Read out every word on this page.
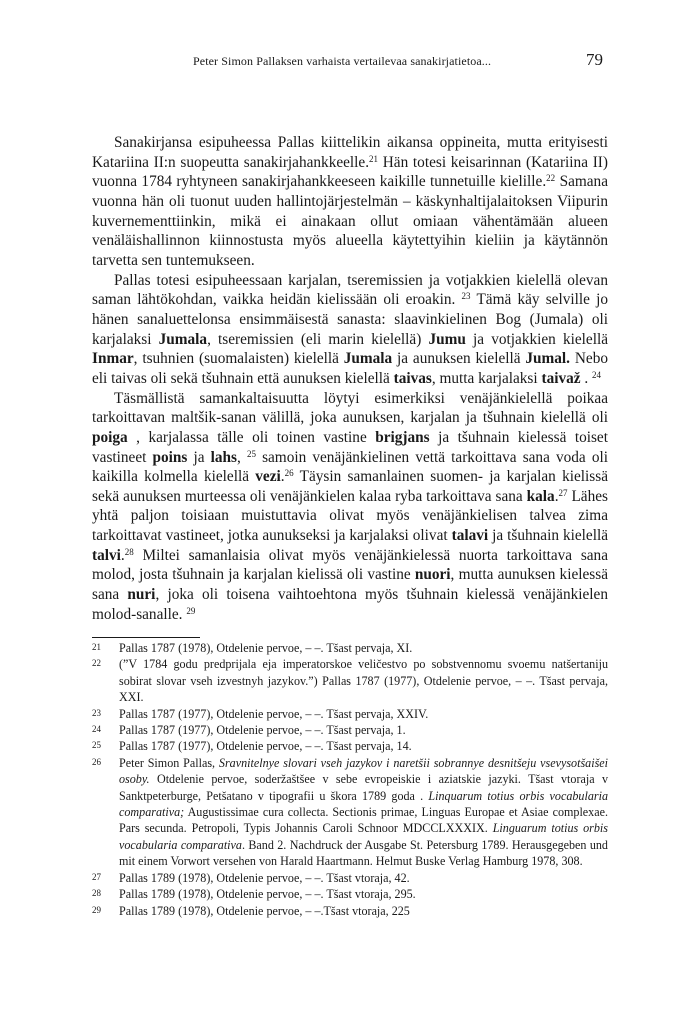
Peter Simon Pallaksen varhaista vertailevaa sanakirjatietoa...	79

Sanakirjansa esipuheessa Pallas kiittelikin aikansa oppineita, mutta erityisesti Katariina II:n suopeutta sanakirjahankkeelle.$^{21}$ Hän totesi keisarinnan (Katariina II) vuonna 1784 ryhtyneen sanakirjahankkeeseen kaikille tunnetuille kielille.$^{22}$ Samana vuonna hän oli tuonut uuden hallintojärjestelmän – käskynhaltijalaitoksen Viipurin kuvernementtiinkin, mikä ei ainakaan ollut omiaan vähentämään alueen venäläishallinnon kiinnostusta myös alueella käytettyihin kieliin ja käytännön tarvetta sen tuntemukseen.

Pallas totesi esipuheessaan karjalan, tseremissien ja votjakkien kielellä olevan saman lähtökohdan, vaikka heidän kielissään oli eroakin. $^{23}$ Tämä käy selville jo hänen sanaluettelonsa ensimmäisestä sanasta: slaavinkielinen Bog (Jumala) oli karjalaksi Jumala, tseremissien (eli marin kielellä) Jumu ja votjakkien kielellä Inmar, tsuhnien (suomalaisten) kielellä Jumala ja aunuksen kielellä Jumal. Nebo eli taivas oli sekä tšuhnain että aunuksen kielellä taivas, mutta karjalaksi taivaž . $^{24}$

Täsmällistä samankaltaisuutta löytyi esimerkiksi venäjänkielellä poikaa tarkoittavan maltšik-sanan välillä, joka aunuksen, karjalan ja tšuhnain kielellä oli poiga , karjalassa tälle oli toinen vastine brigjans ja tšuhnain kielessä toiset vastineet poins ja lahs, $^{25}$ samoin venäjänkielinen vettä tarkoittava sana voda oli kaikilla kolmella kielellä vezi.$^{26}$ Täysin samanlainen suomen- ja karjalan kielissä sekä aunuksen murteessa oli venäjänkielen kalaa ryba tarkoittava sana kala.$^{27}$ Lähes yhtä paljon toisiaan muistuttavia olivat myös venäjänkielisen talvea zima tarkoittavat vastineet, jotka aunukseksi ja karjalaksi olivat talavi ja tšuhnain kielellä talvi.$^{28}$ Miltei samanlaisia olivat myös venäjänkielessä nuorta tarkoittava sana molod, josta tšuhnain ja karjalan kielissä oli vastine nuori, mutta aunuksen kielessä sana nuri, joka oli toisena vaihtoehtona myös tšuhnain kielessä venäjänkielen molod-sanalle. $^{29}$

21 Pallas 1787 (1978), Otdelenie pervoe, – –. Tšast pervaja, XI.
22 (”V 1784 godu predprijala eja imperatorskoe veličestvo po sobstvennomu svoemu natšertaniju sobirat slovar vseh izvestnyh jazykov.”) Pallas 1787 (1977), Otdelenie pervoe, – –. Tšast pervaja, XXI.
23 Pallas 1787 (1977), Otdelenie pervoe, – –. Tšast pervaja, XXIV.
24 Pallas 1787 (1977), Otdelenie pervoe, – –. Tšast pervaja, 1.
25 Pallas 1787 (1977), Otdelenie pervoe, – –. Tšast pervaja, 14.
26 Peter Simon Pallas, Sravnitelnye slovari vseh jazykov i naretšii sobrannye desnitšeju vsevysotšaišei osoby. Otdelenie pervoe, soderžaštšee v sebe evropeiskie i aziatskie jazyki. Tšast vtoraja v Sanktpeterburge, Petšatano v tipografii u škora 1789 goda . Linquarum totius orbis vocabularia comparativa; Augustissimae cura collecta. Sectionis primae, Linguas Europae et Asiae complexae. Pars secunda. Petropoli, Typis Johannis Caroli Schnoor MDCCLXXXIX. Linguarum totius orbis vocabularia comparativa. Band 2. Nachdruck der Ausgabe St. Petersburg 1789. Herausgegeben und mit einem Vorwort versehen von Harald Haartmann. Helmut Buske Verlag Hamburg 1978, 308.
27 Pallas 1789 (1978), Otdelenie pervoe, – –. Tšast vtoraja, 42.
28 Pallas 1789 (1978), Otdelenie pervoe, – –. Tšast vtoraja, 295.
29 Pallas 1789 (1978), Otdelenie pervoe, – –.Tšast vtoraja, 225
